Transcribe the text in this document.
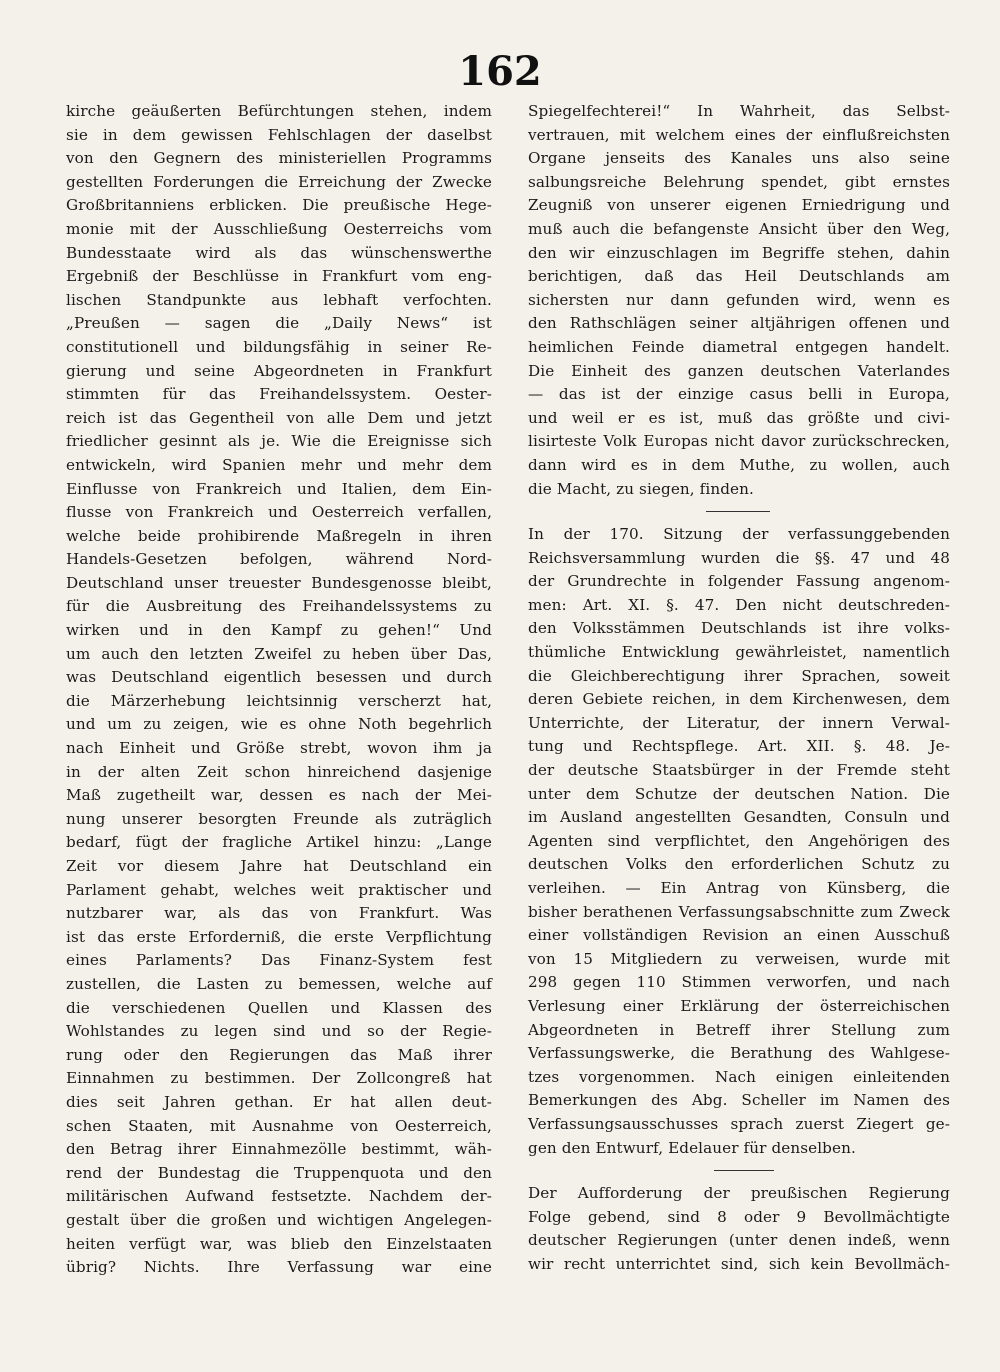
162
kirche geäußerten Befürchtungen stehen, indem
sie in dem gewissen Fehlschlagen der daselbst
von den Gegnern des ministeriellen Programms
gestellten Forderungen die Erreichung der Zwecke
Großbritanniens erblicken. Die preußische Hege-
monie mit der Ausschließung Oesterreichs vom
Bundesstaate wird als das wünschenswerthe
Ergebniß der Beschlüsse in Frankfurt vom eng-
lischen Standpunkte aus lebhaft verfochten.
„Preußen — sagen die „Daily News“ ist
constitutionell und bildungsfähig in seiner Re-
gierung und seine Abgeordneten in Frankfurt
stimmten für das Freihandelssystem. Oester-
reich ist das Gegentheil von alle Dem und jetzt
friedlicher gesinnt als je. Wie die Ereignisse sich
entwickeln, wird Spanien mehr und mehr dem
Einflusse von Frankreich und Italien, dem Ein-
flusse von Frankreich und Oesterreich verfallen,
welche beide prohibirende Maßregeln in ihren
Handels-Gesetzen befolgen, während Nord-
Deutschland unser treuester Bundesgenosse bleibt,
für die Ausbreitung des Freihandelssystems zu
wirken und in den Kampf zu gehen!“ Und
um auch den letzten Zweifel zu heben über Das,
was Deutschland eigentlich besessen und durch
die Märzerhebung leichtsinnig verscherzt hat,
und um zu zeigen, wie es ohne Noth begehrlich
nach Einheit und Größe strebt, wovon ihm ja
in der alten Zeit schon hinreichend dasjenige
Maß zugetheilt war, dessen es nach der Mei-
nung unserer besorgten Freunde als zuträglich
bedarf, fügt der fragliche Artikel hinzu: „Lange
Zeit vor diesem Jahre hat Deutschland ein
Parlament gehabt, welches weit praktischer und
nutzbarer war, als das von Frankfurt. Was
ist das erste Erforderniß, die erste Verpflichtung
eines Parlaments? Das Finanz-System fest
zustellen, die Lasten zu bemessen, welche auf
die verschiedenen Quellen und Klassen des
Wohlstandes zu legen sind und so der Regie-
rung oder den Regierungen das Maß ihrer
Einnahmen zu bestimmen. Der Zollcongreß hat
dies seit Jahren gethan. Er hat allen deut-
schen Staaten, mit Ausnahme von Oesterreich,
den Betrag ihrer Einnahmezölle bestimmt, wäh-
rend der Bundestag die Truppenquota und den
militärischen Aufwand festsetzte. Nachdem der-
gestalt über die großen und wichtigen Angelegen-
heiten verfügt war, was blieb den Einzelstaaten
übrig? Nichts. Ihre Verfassung war eine
Spiegelfechterei!“ In Wahrheit, das Selbst-
vertrauen, mit welchem eines der einflußreichsten
Organe jenseits des Kanales uns also seine
salbungsreiche Belehrung spendet, gibt ernstes
Zeugniß von unserer eigenen Erniedrigung und
muß auch die befangenste Ansicht über den Weg,
den wir einzuschlagen im Begriffe stehen, dahin
berichtigen, daß das Heil Deutschlands am
sichersten nur dann gefunden wird, wenn es
den Rathschlägen seiner altjährigen offenen und
heimlichen Feinde diametral entgegen handelt.
Die Einheit des ganzen deutschen Vaterlandes
— das ist der einzige casus belli in Europa,
und weil er es ist, muß das größte und civi-
lisirteste Volk Europas nicht davor zurückschrecken,
dann wird es in dem Muthe, zu wollen, auch
die Macht, zu siegen, finden.
In der 170. Sitzung der verfassunggebenden
Reichsversammlung wurden die §§. 47 und 48
der Grundrechte in folgender Fassung angenom-
men: Art. XI. §. 47. Den nicht deutschreden-
den Volksstämmen Deutschlands ist ihre volks-
thümliche Entwicklung gewährleistet, namentlich
die Gleichberechtigung ihrer Sprachen, soweit
deren Gebiete reichen, in dem Kirchenwesen, dem
Unterrichte, der Literatur, der innern Verwal-
tung und Rechtspflege. Art. XII. §. 48. Je-
der deutsche Staatsbürger in der Fremde steht
unter dem Schutze der deutschen Nation. Die
im Ausland angestellten Gesandten, Consuln und
Agenten sind verpflichtet, den Angehörigen des
deutschen Volks den erforderlichen Schutz zu
verleihen. — Ein Antrag von Künsberg, die
bisher berathenen Verfassungsabschnitte zum Zweck
einer vollständigen Revision an einen Ausschuß
von 15 Mitgliedern zu verweisen, wurde mit
298 gegen 110 Stimmen verworfen, und nach
Verlesung einer Erklärung der österreichischen
Abgeordneten in Betreff ihrer Stellung zum
Verfassungswerke, die Berathung des Wahlgese-
tzes vorgenommen. Nach einigen einleitenden
Bemerkungen des Abg. Scheller im Namen des
Verfassungsausschusses sprach zuerst Ziegert ge-
gen den Entwurf, Edelauer für denselben.
Der Aufforderung der preußischen Regierung
Folge gebend, sind 8 oder 9 Bevollmächtigte
deutscher Regierungen (unter denen indeß, wenn
wir recht unterrichtet sind, sich kein Bevollmäch-
